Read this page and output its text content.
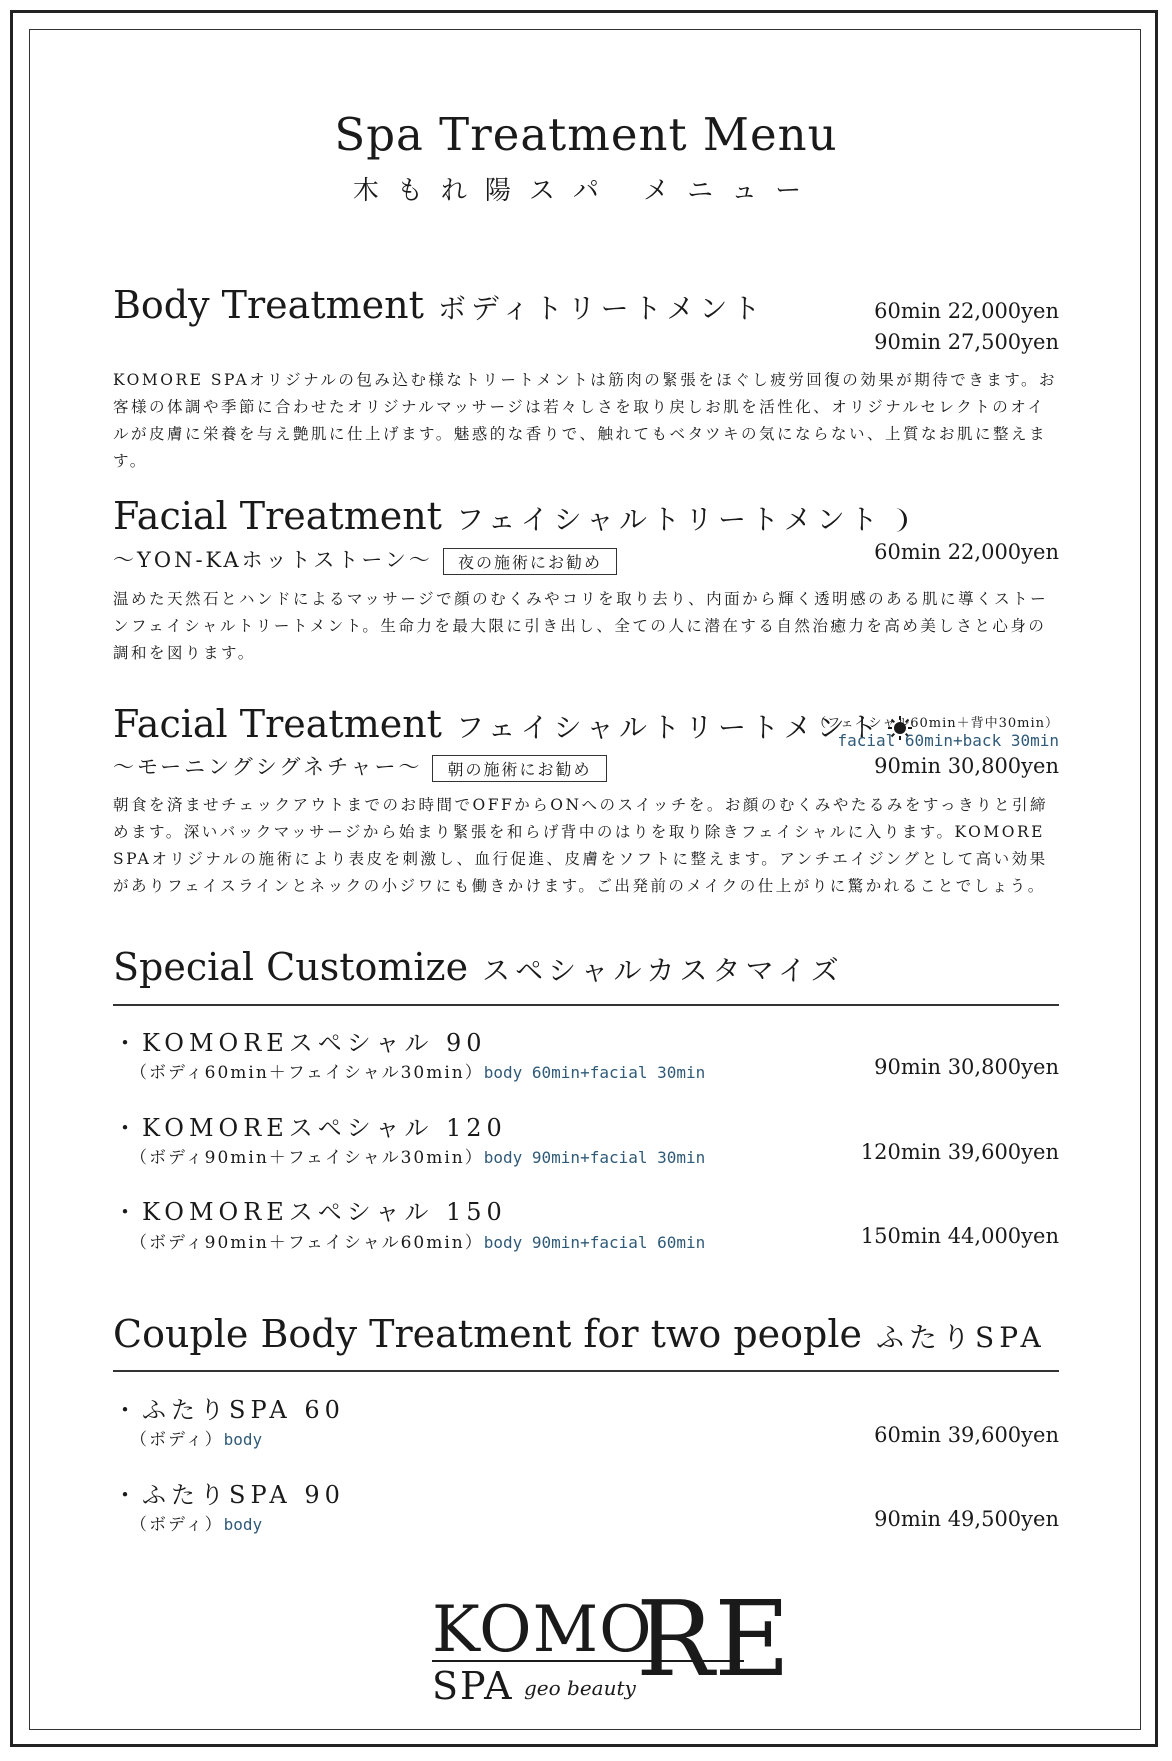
Spa Treatment Menu
木もれ陽スパ メニュー
Body Treatment ボディトリートメント	60min 22,000yen
90min 27,500yen
KOMORE SPAオリジナルの包み込む様なトリートメントは筋肉の緊張をほぐし疲労回復の効果が期待できます。お客様の体調や季節に合わせたオリジナルマッサージは若々しさを取り戻しお肌を活性化、オリジナルセレクトのオイルが皮膚に栄養を与え艶肌に仕上げます。魅惑的な香りで、触れてもベタツキの気にならない、上質なお肌に整えます。
Facial Treatment フェイシャルトリートメント
〜YON-KAホットストーン〜 夜の施術にお勧め	60min 22,000yen
温めた天然石とハンドによるマッサージで顔のむくみやコリを取り去り、内面から輝く透明感のある肌に導くストーンフェイシャルトリートメント。生命力を最大限に引き出し、全ての人に潜在する自然治癒力を高め美しさと心身の調和を図ります。
Facial Treatment フェイシャルトリートメント
（フェイシャル60min＋背中30min）
facial 60min+back 30min
〜モーニングシグネチャー〜 朝の施術にお勧め	90min 30,800yen
朝食を済ませチェックアウトまでのお時間でOFFからONへのスイッチを。お顔のむくみやたるみをすっきりと引締めます。深いバックマッサージから始まり緊張を和らげ背中のはりを取り除きフェイシャルに入ります。KOMORE SPAオリジナルの施術により表皮を刺激し、血行促進、皮膚をソフトに整えます。アンチエイジングとして高い効果がありフェイスラインとネックの小ジワにも働きかけます。ご出発前のメイクの仕上がりに驚かれることでしょう。
Special Customize スペシャルカスタマイズ
・KOMOREスペシャル 90
（ボディ60min＋フェイシャル30min）body 60min+facial 30min	90min 30,800yen
・KOMOREスペシャル 120
（ボディ90min＋フェイシャル30min）body 90min+facial 30min	120min 39,600yen
・KOMOREスペシャル 150
（ボディ90min＋フェイシャル60min）body 90min+facial 60min	150min 44,000yen
Couple Body Treatment for two people ふたりSPA
・ふたりSPA 60
（ボディ）body	60min 39,600yen
・ふたりSPA 90
（ボディ）body	90min 49,500yen
KOMO
RE
SPA geo beauty
